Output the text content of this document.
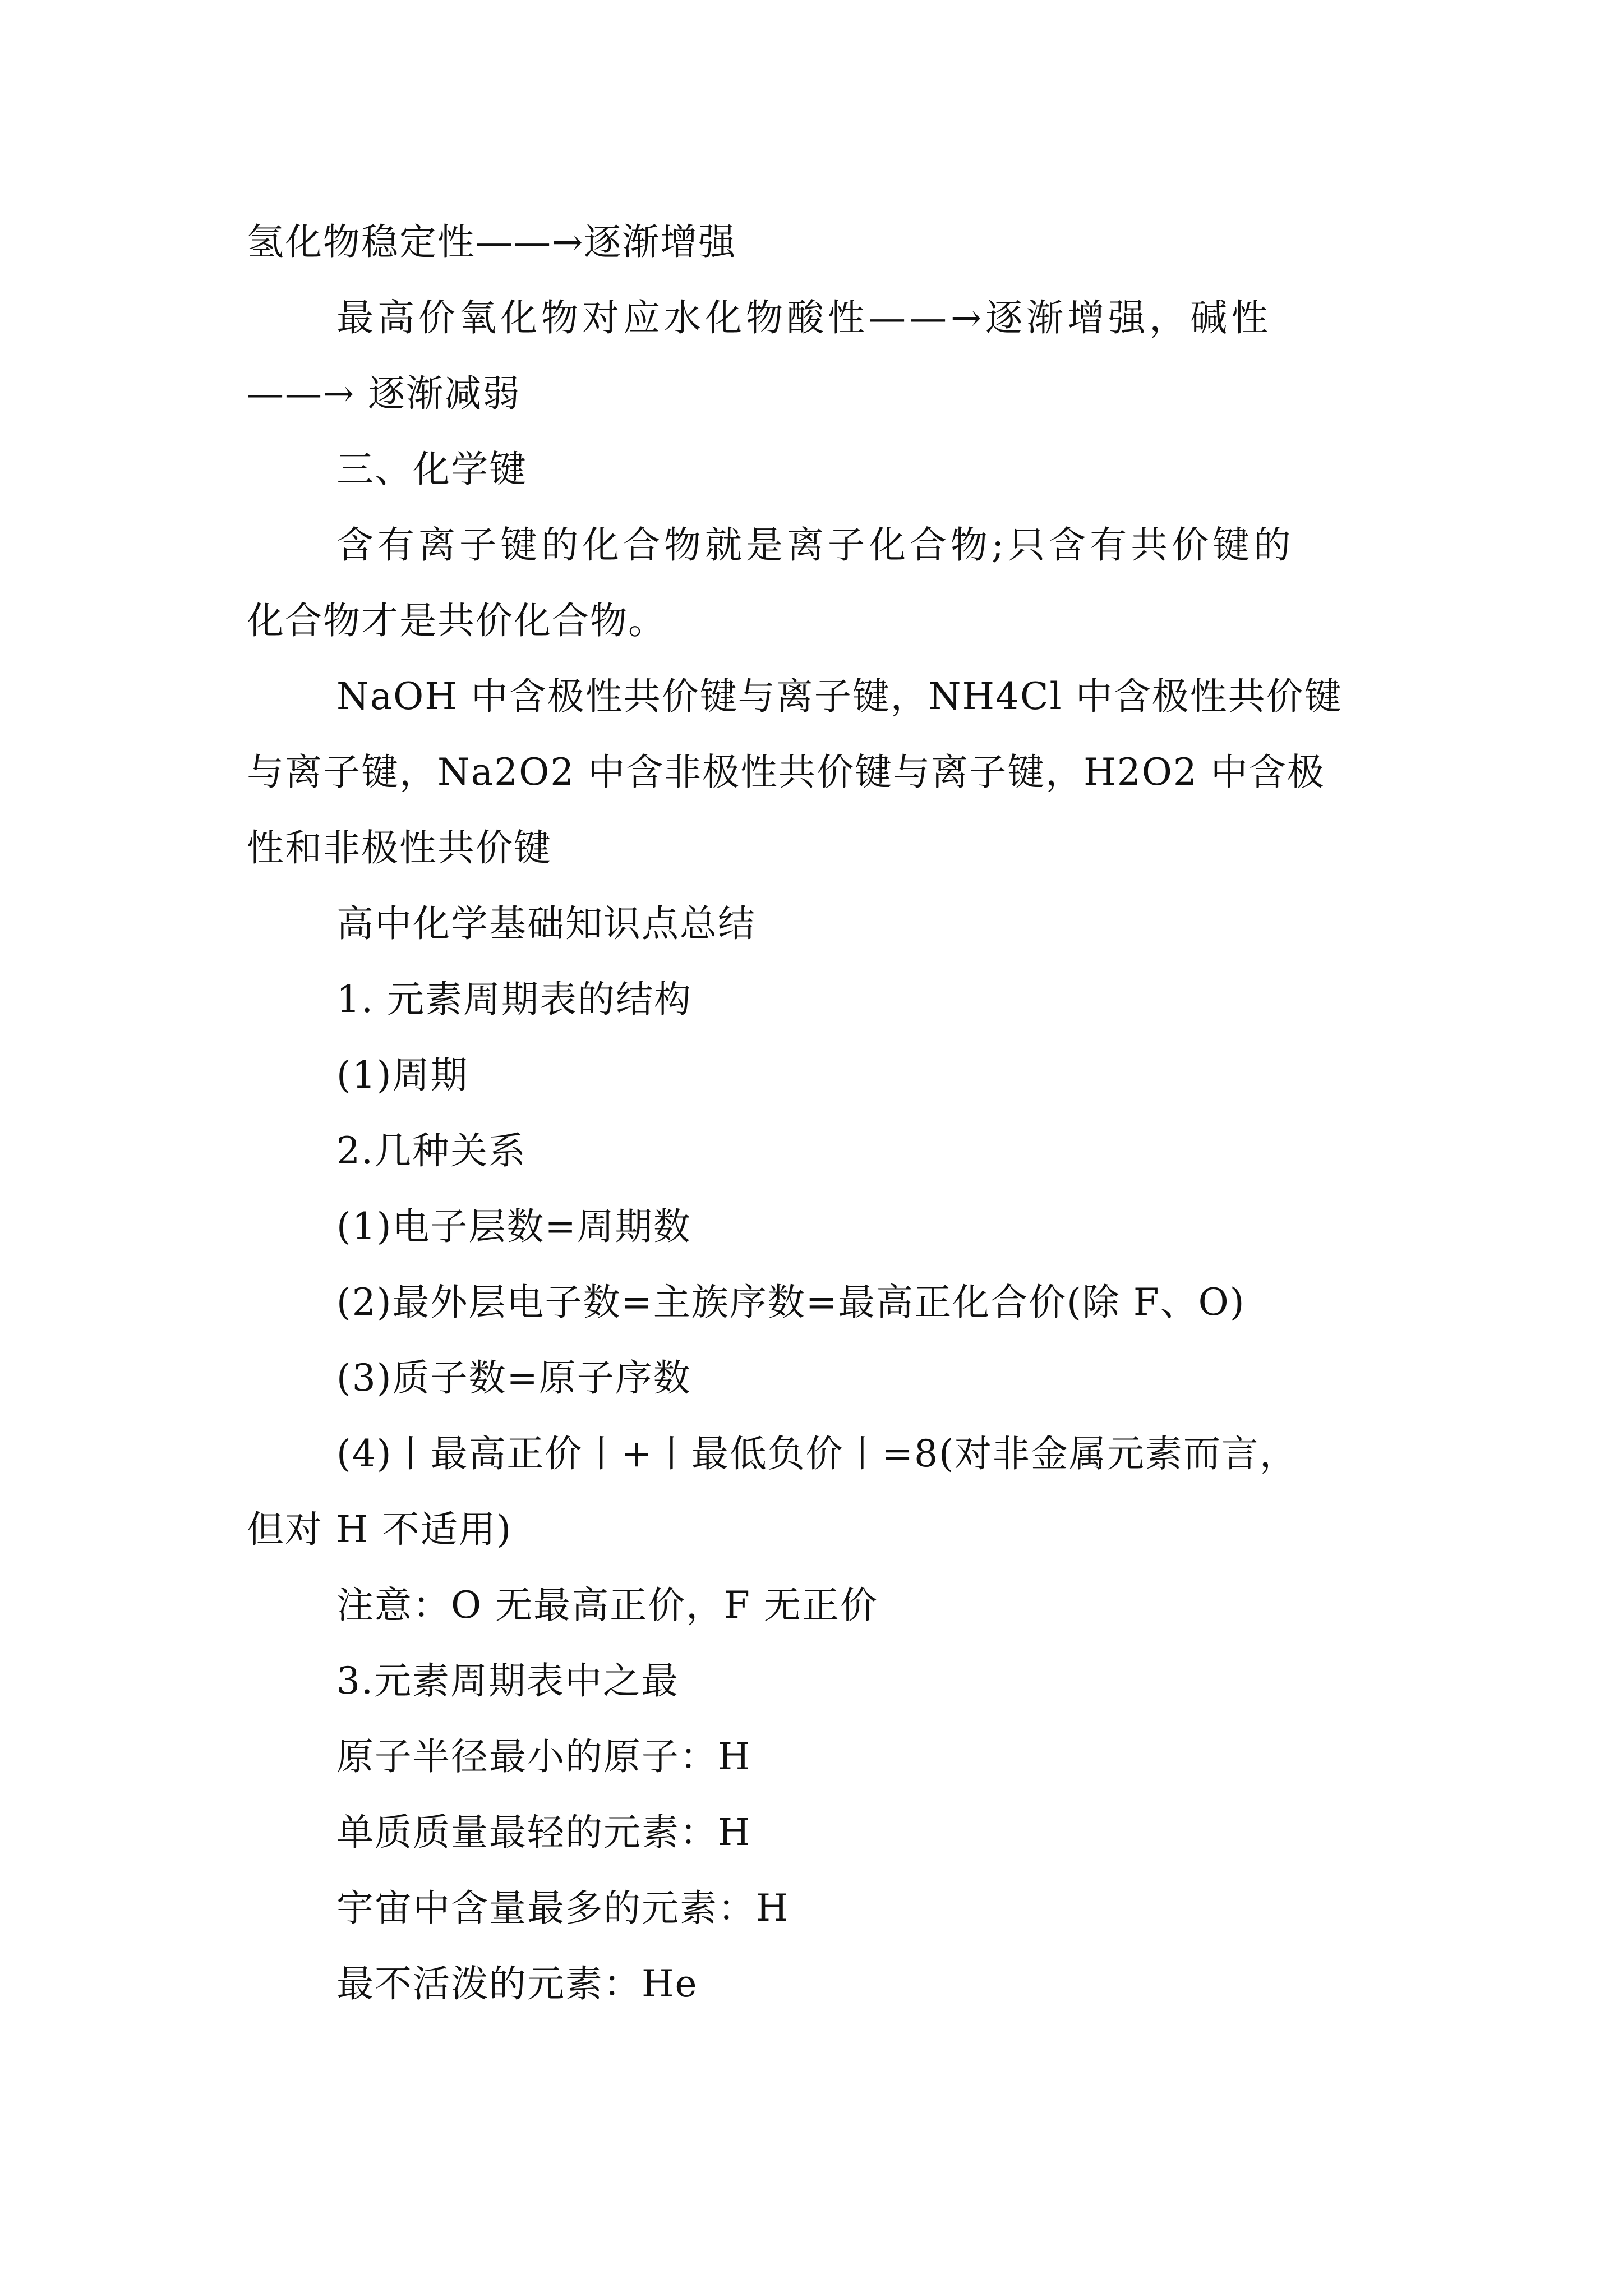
氢化物稳定性——→逐渐增强
最高价氧化物对应水化物酸性——→逐渐增强，碱性
——→ 逐渐减弱
三、化学键
含有离子键的化合物就是离子化合物;只含有共价键的
化合物才是共价化合物。
NaOH 中含极性共价键与离子键，NH4Cl 中含极性共价键
与离子键，Na2O2 中含非极性共价键与离子键，H2O2 中含极
性和非极性共价键
高中化学基础知识点总结
1. 元素周期表的结构
(1)周期
2.几种关系
(1)电子层数=周期数
(2)最外层电子数=主族序数=最高正化合价(除 F、O)
(3)质子数=原子序数
(4)丨最高正价丨+丨最低负价丨=8(对非金属元素而言，
但对 H 不适用)
注意：O 无最高正价，F 无正价
3.元素周期表中之最
原子半径最小的原子：H
单质质量最轻的元素：H
宇宙中含量最多的元素：H
最不活泼的元素：He
